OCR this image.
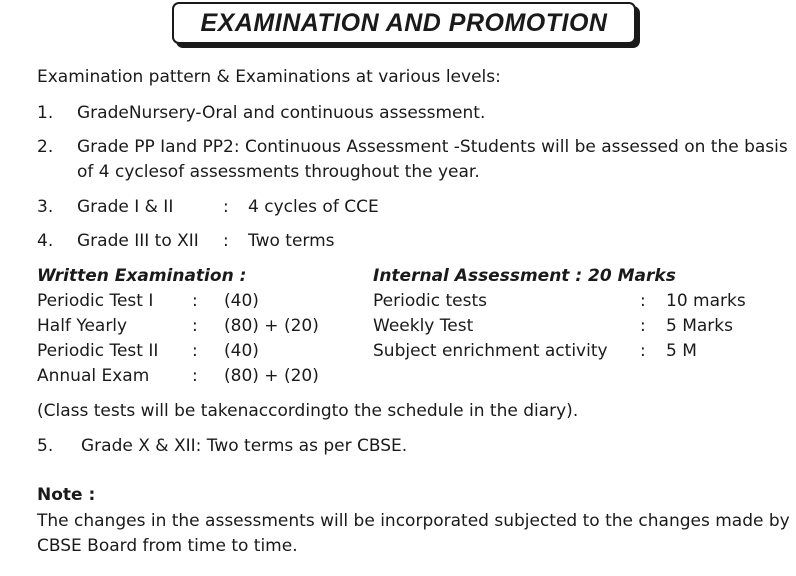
EXAMINATION AND PROMOTION
Examination pattern & Examinations at various levels:
1. GradeNursery-Oral and continuous assessment.
2. Grade PP Iand PP2: Continuous Assessment -Students will be assessed on the basis
of 4 cyclesof assessments throughout the year.
3. Grade I & II	: 4 cycles of CCE
4. Grade III to XII : Two terms
Written Examination :
Periodic Test I : (40)
Half Yearly	: (80) + (20)
Periodic Test II : (40)
Annual Exam	: (80) + (20)
Internal Assessment : 20 Marks
Periodic tests	: 10 marks
Weekly Test	: 5 Marks
Subject enrichment activity : 5 M
(Class tests will be takenaccordingto the schedule in the diary).
5. Grade X & XII: Two terms as per CBSE.
Note :
The changes in the assessments will be incorporated subjected to the changes made by
CBSE Board from time to time.
